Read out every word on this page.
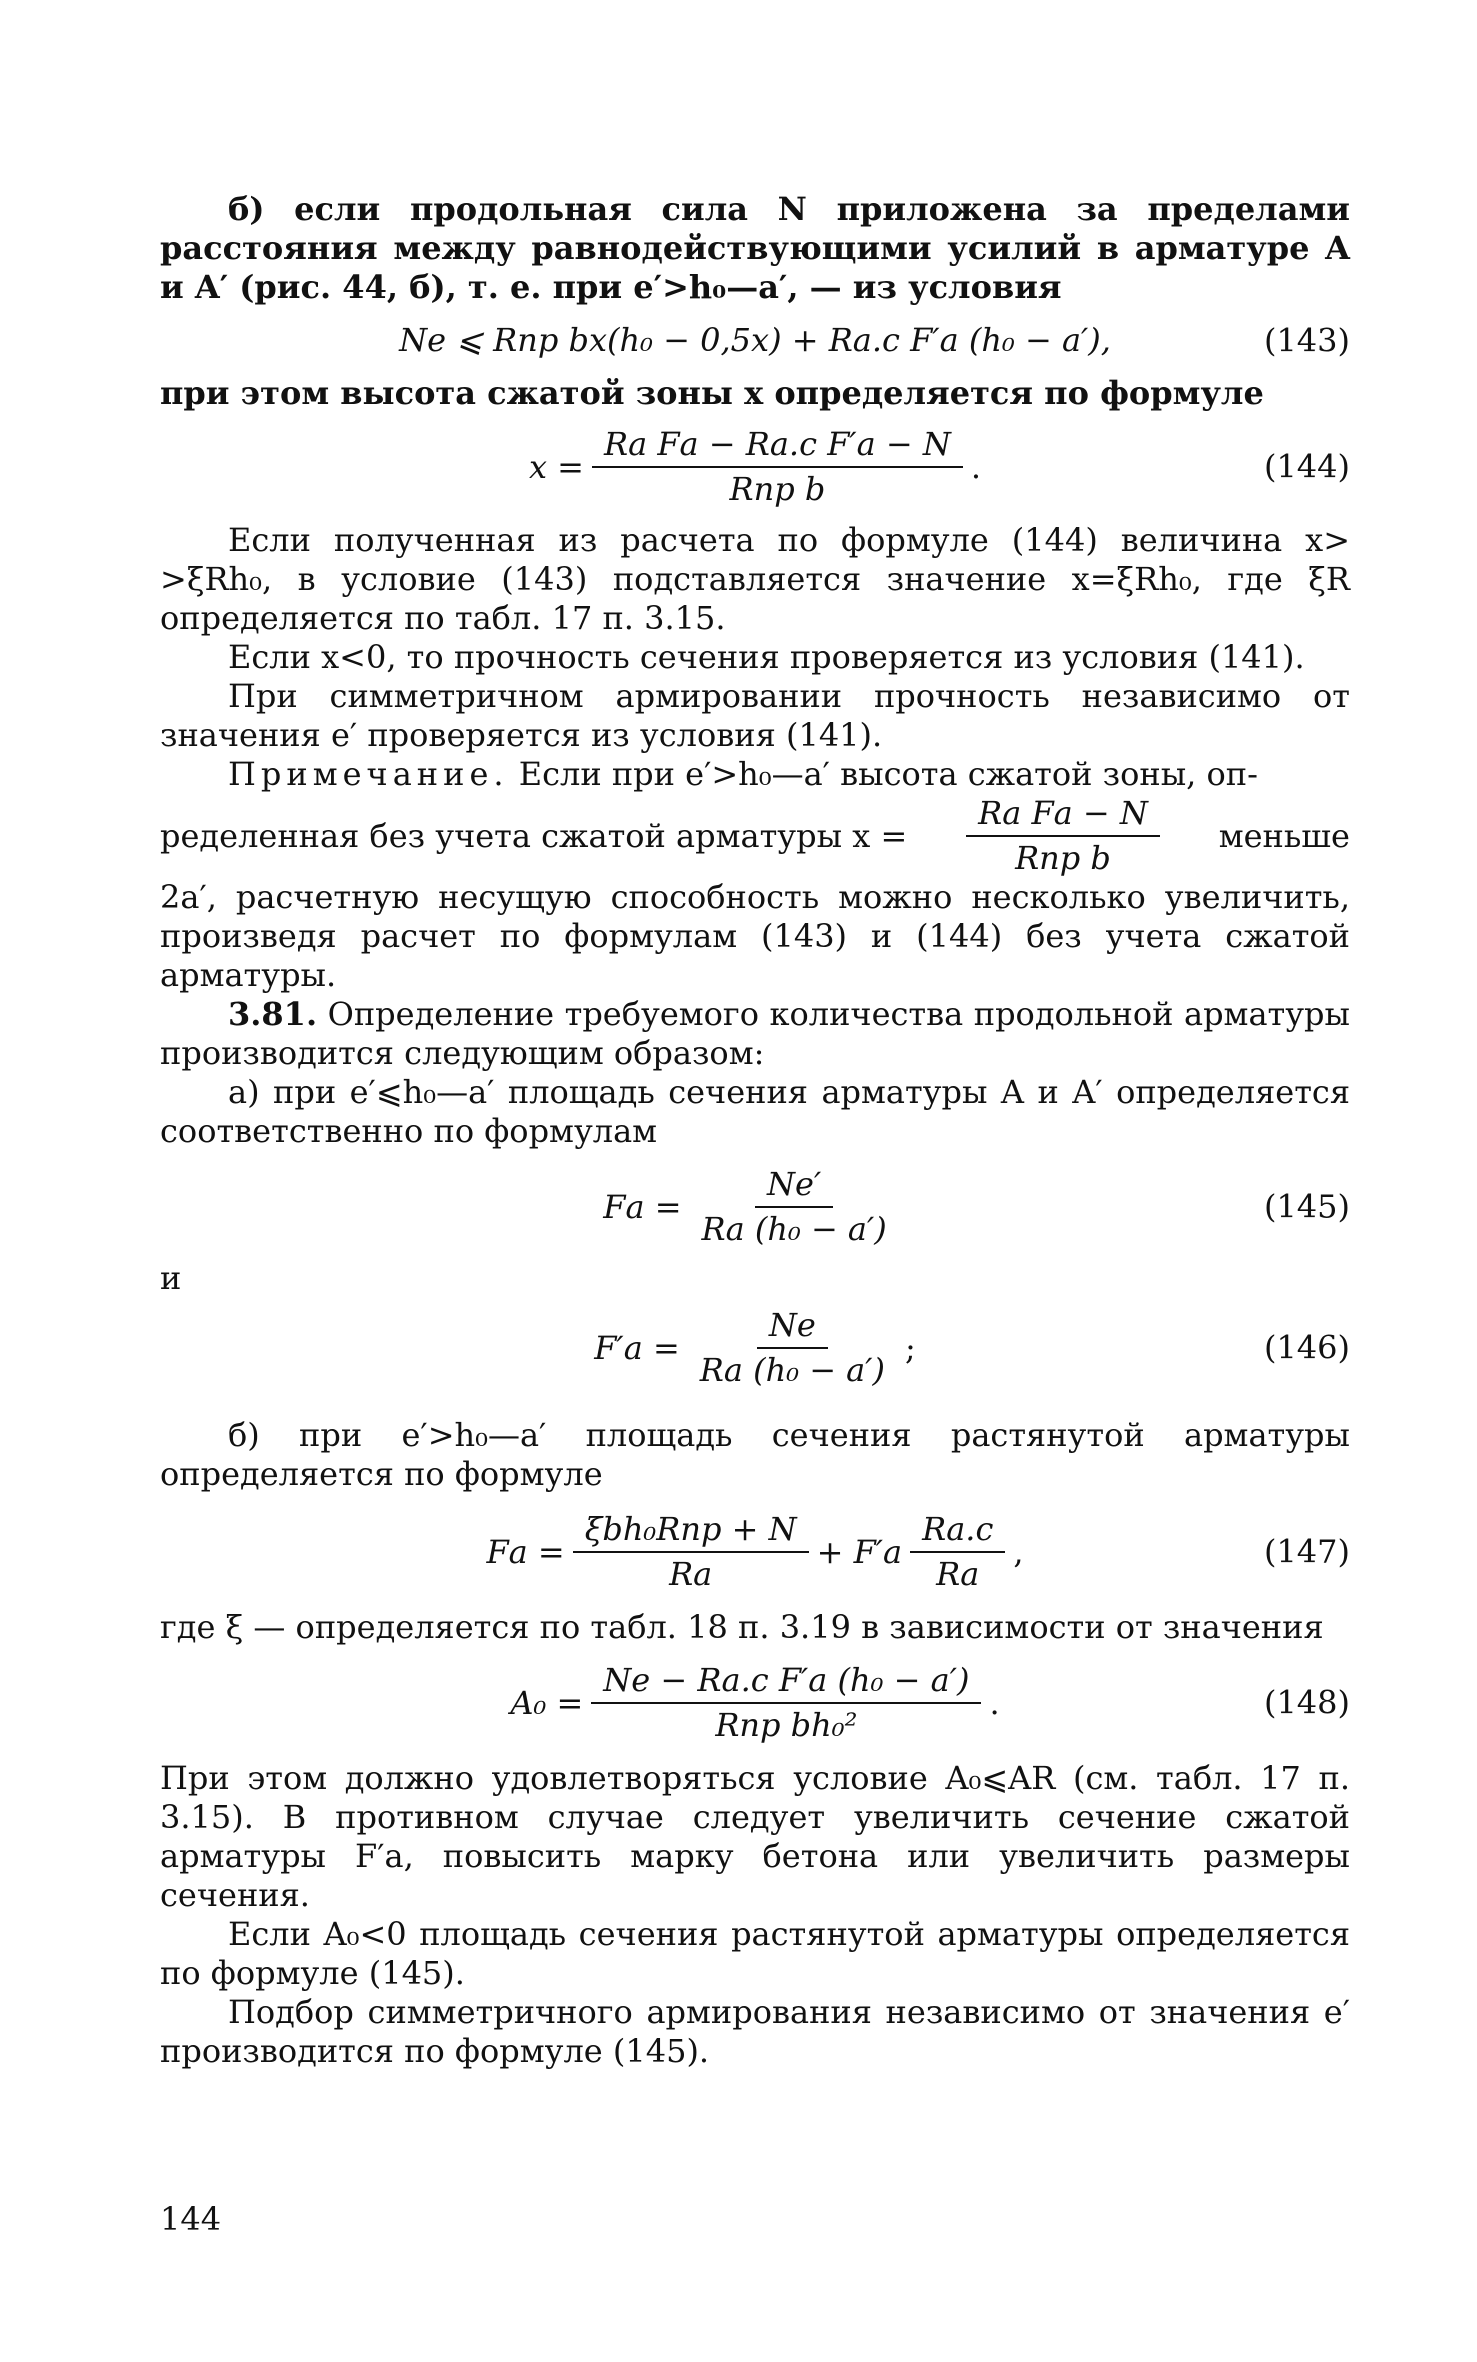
б) если продольная сила N приложена за пределами расстояния между равнодействующими усилий в арматуре A и A′ (рис. 44, б), т. е. при e′>h₀—a′, — из условия

Ne ⩽ Rпр bx(h₀ − 0,5x) + Rа.с F′а (h₀ − a′),	(143)

при этом высота сжатой зоны x определяется по формуле

$x = \frac{\text{Rа Fа − Rа.с F′а − N}}{\text{Rпр b}}$ .	(144)

Если полученная из расчета по формуле (144) величина x> >ξRh₀, в условие (143) подставляется значение x=ξRh₀, где ξR определяется по табл. 17 п. 3.15.

Если x<0, то прочность сечения проверяется из условия (141).

При симметричном армировании прочность независимо от значения e′ проверяется из условия (141).

Примечание. Если при e′>h₀—a′ высота сжатой зоны, оп-

ределенная без учета сжатой арматуры $x = \frac{\text{Rа Fа − N}}{\text{Rпр b}}$ меньше

2a′, расчетную несущую способность можно несколько увеличить, произведя расчет по формулам (143) и (144) без учета сжатой арматуры.

3.81. Определение требуемого количества продольной арматуры производится следующим образом:

а) при e′⩽h₀—a′ площадь сечения арматуры A и A′ определяется соответственно по формулам

Fа = $\frac{Ne'}{\text{Rа (h₀ − a′)}}$	(145)

и

$F'а = \frac{Ne}{\text{Rа (h₀ − a′)}}$ ;	(146)

б) при e′>h₀—a′ площадь сечения растянутой арматуры определяется по формуле

Fа = $\frac{\text{ξbh₀Rпр + N}}{Rа} + F'а \frac{Rа.с}{Rа}$ ,	(147)

где ξ — определяется по табл. 18 п. 3.19 в зависимости от значения

$A_0 = \frac{\text{Ne − Rа.с F′а (h₀ − a′)}}{\text{Rпр bh₀²}}$ .	(148)

При этом должно удовлетворяться условие A₀⩽AR (см. табл. 17 п. 3.15). В противном случае следует увеличить сечение сжатой арматуры F′а, повысить марку бетона или увеличить размеры сечения.

Если A₀<0 площадь сечения растянутой арматуры определяется по формуле (145).

Подбор симметричного армирования независимо от значения e′ производится по формуле (145).

144
